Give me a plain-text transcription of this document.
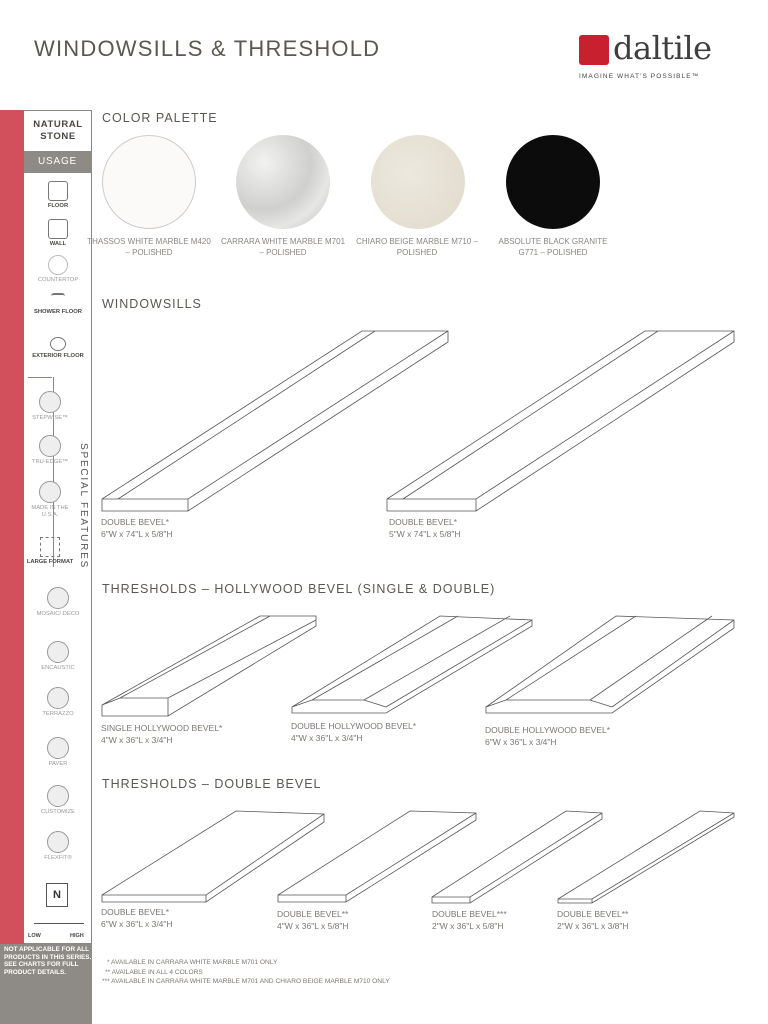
WINDOWSILLS & THRESHOLD	daltile
IMAGINE WHAT'S POSSIBLE™
NATURAL STONE
USAGE
FLOOR
WALL
COUNTERTOP
SHOWER FLOOR
EXTERIOR FLOOR
STEPWISE™
TRU-EDGE™
MADE IN THE U.S.A.
LARGE FORMAT
MOSAIC/ DECO
ENCAUSTIC
TERRAZZO
PAVER
CUSTOMIZE
FLEXFIT®
N
LOW	HIGH
SPECIAL FEATURES
NOT APPLICABLE FOR ALL PRODUCTS IN THIS SERIES. SEE CHARTS FOR FULL PRODUCT DETAILS.
COLOR PALETTE
THASSOS WHITE MARBLE M420 – POLISHED
CARRARA WHITE MARBLE M701 – POLISHED
CHIARO BEIGE MARBLE M710 – POLISHED
ABSOLUTE BLACK GRANITE G771 – POLISHED
WINDOWSILLS
DOUBLE BEVEL*
6"W x 74"L x 5/8"H
DOUBLE BEVEL*
5"W x 74"L x 5/8"H
THRESHOLDS – HOLLYWOOD BEVEL (SINGLE & DOUBLE)
SINGLE HOLLYWOOD BEVEL*
4"W x 36"L x 3/4"H
DOUBLE HOLLYWOOD BEVEL*
4"W x 36"L x 3/4"H
DOUBLE HOLLYWOOD BEVEL*
6"W x 36"L x 3/4"H
THRESHOLDS – DOUBLE BEVEL
DOUBLE BEVEL*
6"W x 36"L x 3/4"H
DOUBLE BEVEL**
4"W x 36"L x 5/8"H
DOUBLE BEVEL***
2"W x 36"L x 5/8"H
DOUBLE BEVEL**
2"W x 36"L x 3/8"H
* AVAILABLE IN CARRARA WHITE MARBLE M701 ONLY
** AVAILABLE IN ALL 4 COLORS
*** AVAILABLE IN CARRARA WHITE MARBLE M701 AND CHIARO BEIGE MARBLE M710 ONLY
